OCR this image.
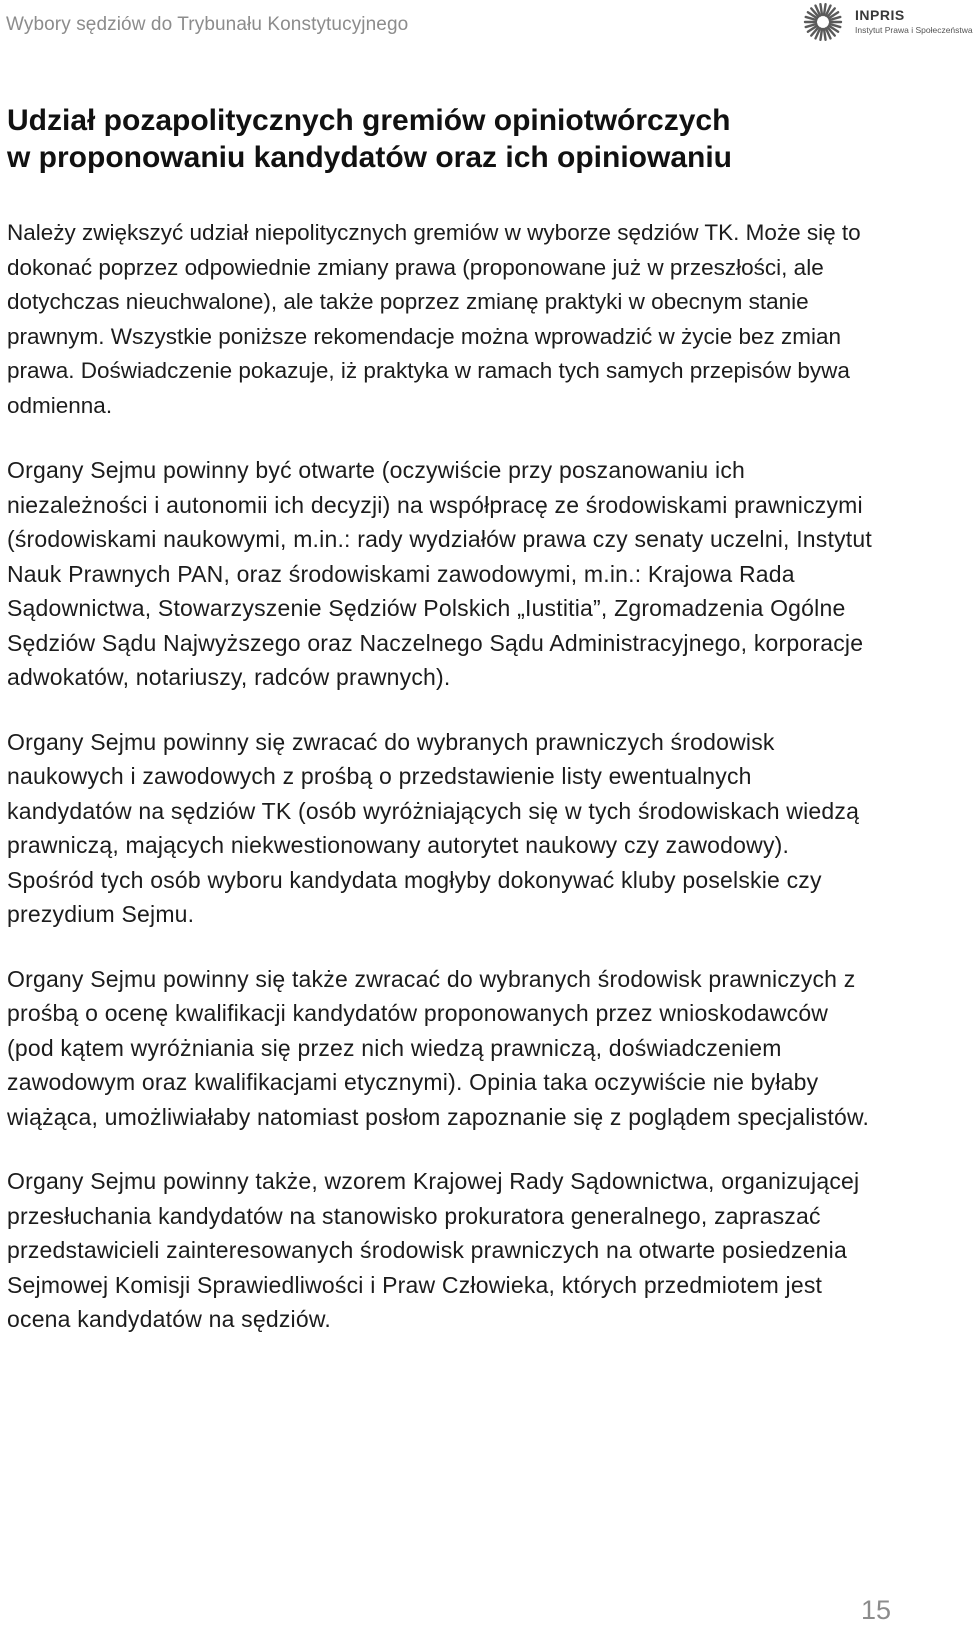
Wybory sędziów do Trybunału Konstytucyjnego	INPRIS
Instytut Prawa i Społeczeństwa
Udział pozapolitycznych gremiów opiniotwórczych
w proponowaniu kandydatów oraz ich opiniowaniu

Należy zwiększyć udział niepolitycznych gremiów w wyborze sędziów TK. Może się to dokonać poprzez odpowiednie zmiany prawa (proponowane już w przeszłości, ale dotychczas nieuchwalone), ale także poprzez zmianę praktyki w obecnym stanie prawnym. Wszystkie poniższe rekomendacje można wprowadzić w życie bez zmian prawa. Doświadczenie pokazuje, iż praktyka w ramach tych samych przepisów bywa odmienna.

Organy Sejmu powinny być otwarte (oczywiście przy poszanowaniu ich niezależności i autonomii ich decyzji) na współpracę ze środowiskami prawniczymi (środowiskami naukowymi, m.in.: rady wydziałów prawa czy senaty uczelni, Instytut Nauk Prawnych PAN, oraz środowiskami zawodowymi, m.in.: Krajowa Rada Sądownictwa, Stowarzyszenie Sędziów Polskich „Iustitia”, Zgromadzenia Ogólne Sędziów Sądu Najwyższego oraz Naczelnego Sądu Administracyjnego, korporacje adwokatów, notariuszy, radców prawnych).

Organy Sejmu powinny się zwracać do wybranych prawniczych środowisk naukowych i zawodowych z prośbą o przedstawienie listy ewentualnych kandydatów na sędziów TK (osób wyróżniających się w tych środowiskach wiedzą prawniczą, mających niekwestionowany autorytet naukowy czy zawodowy). Spośród tych osób wyboru kandydata mogłyby dokonywać kluby poselskie czy prezydium Sejmu.

Organy Sejmu powinny się także zwracać do wybranych środowisk prawniczych z prośbą o ocenę kwalifikacji kandydatów proponowanych przez wnioskodawców (pod kątem wyróżniania się przez nich wiedzą prawniczą, doświadczeniem zawodowym oraz kwalifikacjami etycznymi). Opinia taka oczywiście nie byłaby wiążąca, umożliwiałaby natomiast posłom zapoznanie się z poglądem specjalistów.

Organy Sejmu powinny także, wzorem Krajowej Rady Sądownictwa, organizującej przesłuchania kandydatów na stanowisko prokuratora generalnego, zapraszać przedstawicieli zainteresowanych środowisk prawniczych na otwarte posiedzenia Sejmowej Komisji Sprawiedliwości i Praw Człowieka, których przedmiotem jest ocena kandydatów na sędziów.

15
